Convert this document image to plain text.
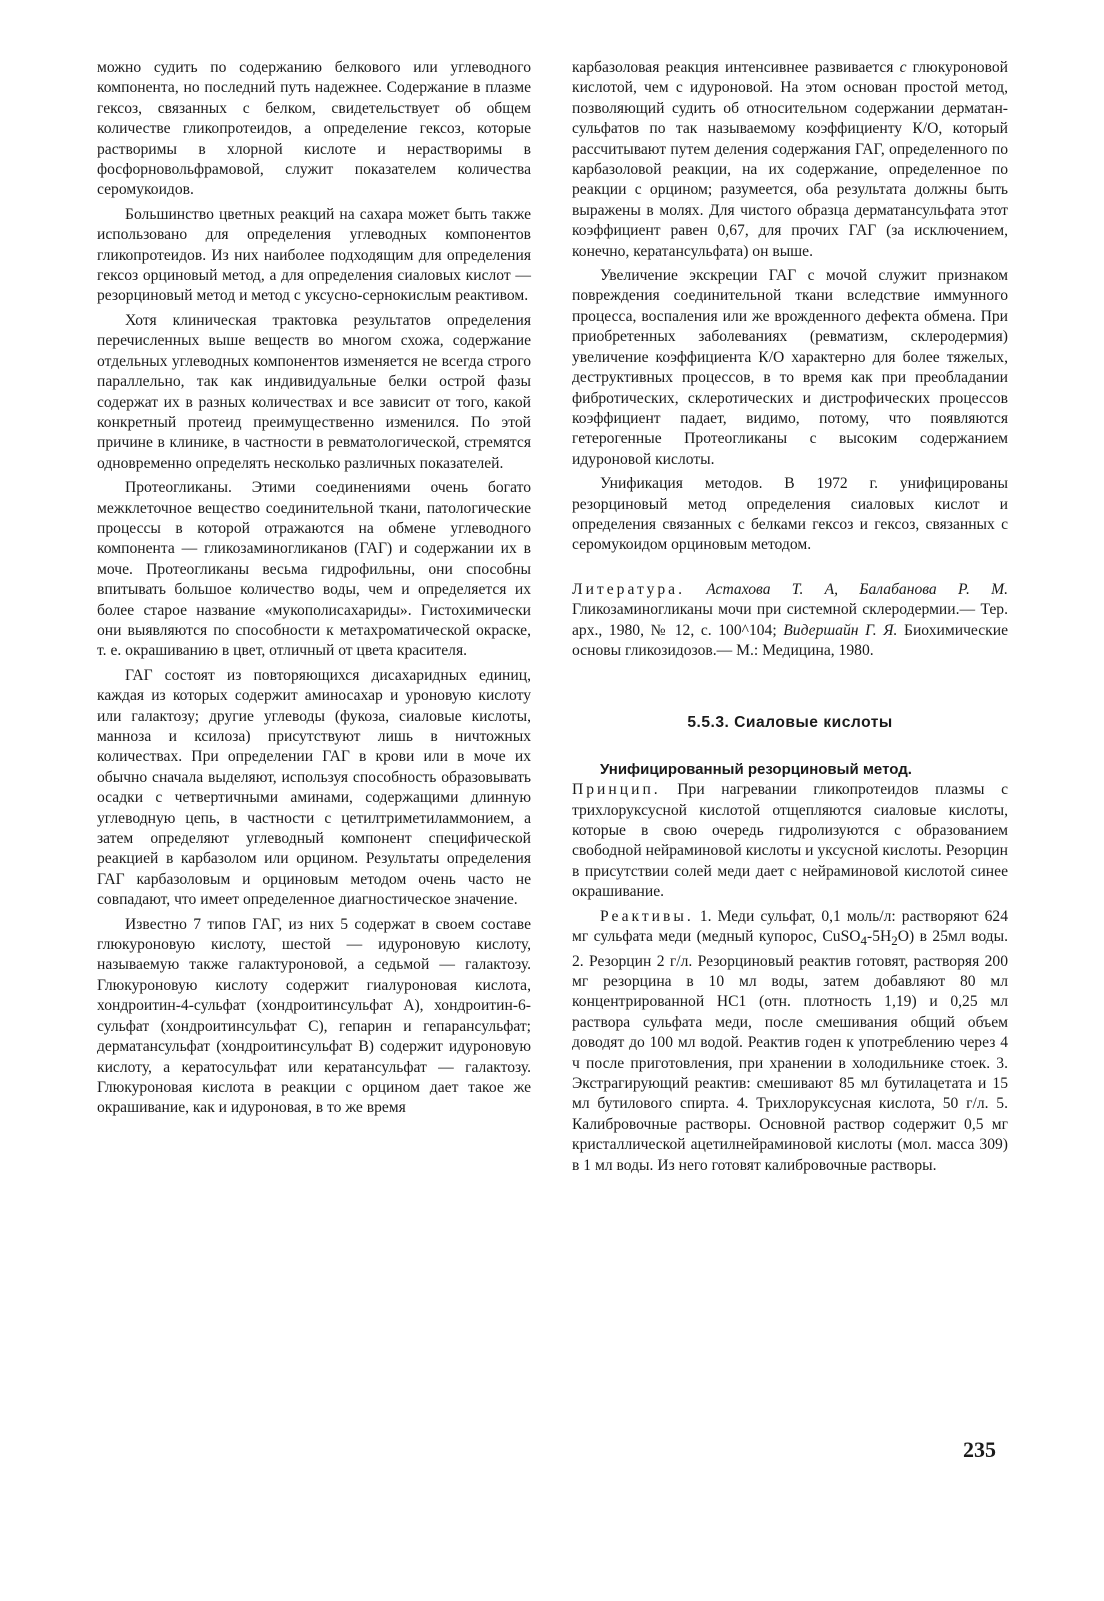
можно судить по содержанию белкового или углеводного компонента, но последний путь надежнее. Содержание в плазме гексоз, связанных с белком, свидетельствует об общем количестве гликопротеидов, а определение гексоз, которые растворимы в хлорной кислоте и нерастворимы в фосфорновольфрамовой, служит показателем количества серомукоидов.

Большинство цветных реакций на сахара может быть также использовано для определения углеводных компонентов гликопротеидов. Из них наиболее подходящим для определения гексоз орциновый метод, а для определения сиаловых кислот — резорциновый метод и метод с уксусно-сернокислым реактивом.

Хотя клиническая трактовка результатов определения перечисленных выше веществ во многом схожа, содержание отдельных углеводных компонентов изменяется не всегда строго параллельно, так как индивидуальные белки острой фазы содержат их в разных количествах и все зависит от того, какой конкретный протеид преимущественно изменился. По этой причине в клинике, в частности в ревматологической, стремятся одновременно определять несколько различных показателей.

Протеогликаны. Этими соединениями очень богато межклеточное вещество соединительной ткани, патологические процессы в которой отражаются на обмене углеводного компонента — гликозаминогликанов (ГАГ) и содержании их в моче. Протеогликаны весьма гидрофильны, они способны впитывать большое количество воды, чем и определяется их более старое название «мукополисахариды». Гистохимически они выявляются по способности к метахроматической окраске, т. е. окрашиванию в цвет, отличный от цвета красителя.

ГАГ состоят из повторяющихся дисахаридных единиц, каждая из которых содержит аминосахар и уроновую кислоту или галактозу; другие углеводы (фукоза, сиаловые кислоты, манноза и ксилоза) присутствуют лишь в ничтожных количествах. При определении ГАГ в крови или в моче их обычно сначала выделяют, используя способность образовывать осадки с четвертичными аминами, содержащими длинную углеводную цепь, в частности с цетилтриметиламмонием, а затем определяют углеводный компонент специфической реакцией в карбазолом или орцином. Результаты определения ГАГ карбазоловым и орциновым методом очень часто не совпадают, что имеет определенное диагностическое значение.

Известно 7 типов ГАГ, из них 5 содержат в своем составе глюкуроновую кислоту, шестой — идуроновую кислоту, называемую также галактуроновой, а седьмой — галактозу. Глюкуроновую кислоту содержит гиалуроновая кислота, хондроитин-4-сульфат (хондроитинсульфат А), хондроитин-6-сульфат (хондроитинсульфат С), гепарин и гепарансульфат; дерматансульфат (хондроитинсульфат В) содержит идуроновую кислоту, а кератосульфат или кератансульфат — галактозу. Глюкуроновая кислота в реакции с орцином дает такое же окрашивание, как и идуроновая, в то же время

карбазоловая реакция интенсивнее развивается с глюкуроновой кислотой, чем с идуроновой. На этом основан простой метод, позволяющий судить об относительном содержании дерматансульфатов по так называемому коэффициенту К/О, который рассчитывают путем деления содержания ГАГ, определенного по карбазоловой реакции, на их содержание, определенное по реакции с орцином; разумеется, оба результата должны быть выражены в молях. Для чистого образца дерматансульфата этот коэффициент равен 0,67, для прочих ГАГ (за исключением, конечно, кератансульфата) он выше.

Увеличение экскреции ГАГ с мочой служит признаком повреждения соединительной ткани вследствие иммунного процесса, воспаления или же врожденного дефекта обмена. При приобретенных заболеваниях (ревматизм, склеродермия) увеличение коэффициента К/О характерно для более тяжелых, деструктивных процессов, в то время как при преобладании фибротических, склеротических и дистрофических процессов коэффициент падает, видимо, потому, что появляются гетерогенные Протеогликаны с высоким содержанием идуроновой кислоты.

Унификация методов. В 1972 г. унифицированы резорциновый метод определения сиаловых кислот и определения связанных с белками гексоз и гексоз, связанных с серомукоидом орциновым методом.

Литература. Астахова Т. А, Балабанова Р. М. Гликозаминогликаны мочи при системной склеродермии.— Тер. арх., 1980, № 12, с. 100^104; Видершайн Г. Я. Биохимические основы гликозидозов.— М.: Медицина, 1980.

5.5.3. Сиаловые кислоты

Унифицированный резорциновый метод.
Принцип. При нагревании гликопротеидов плазмы с трихлоруксусной кислотой отщепляются сиаловые кислоты, которые в свою очередь гидролизуются с образованием свободной нейраминовой кислоты и уксусной кислоты. Резорцин в присутствии солей меди дает с нейраминовой кислотой синее окрашивание.

Реактивы. 1. Меди сульфат, 0,1 моль/л: растворяют 624 мг сульфата меди (медный купорос, $CuSO_4-5H_2O$) в 25мл воды. 2. Резорцин 2 г/л. Резорциновый реактив готовят, растворяя 200 мг резорцина в 10 мл воды, затем добавляют 80 мл концентрированной НС1 (отн. плотность 1,19) и 0,25 мл раствора сульфата меди, после смешивания общий объем доводят до 100 мл водой. Реактив годен к употреблению через 4 ч после приготовления, при хранении в холодильнике стоек. 3. Экстрагирующий реактив: смешивают 85 мл бутилацетата и 15 мл бутилового спирта. 4. Трихлоруксусная кислота, 50 г/л. 5. Калибровочные растворы. Основной раствор содержит 0,5 мг кристаллической ацетилнейраминовой кислоты (мол. масса 309) в 1 мл воды. Из него готовят калибровочные растворы.

235
